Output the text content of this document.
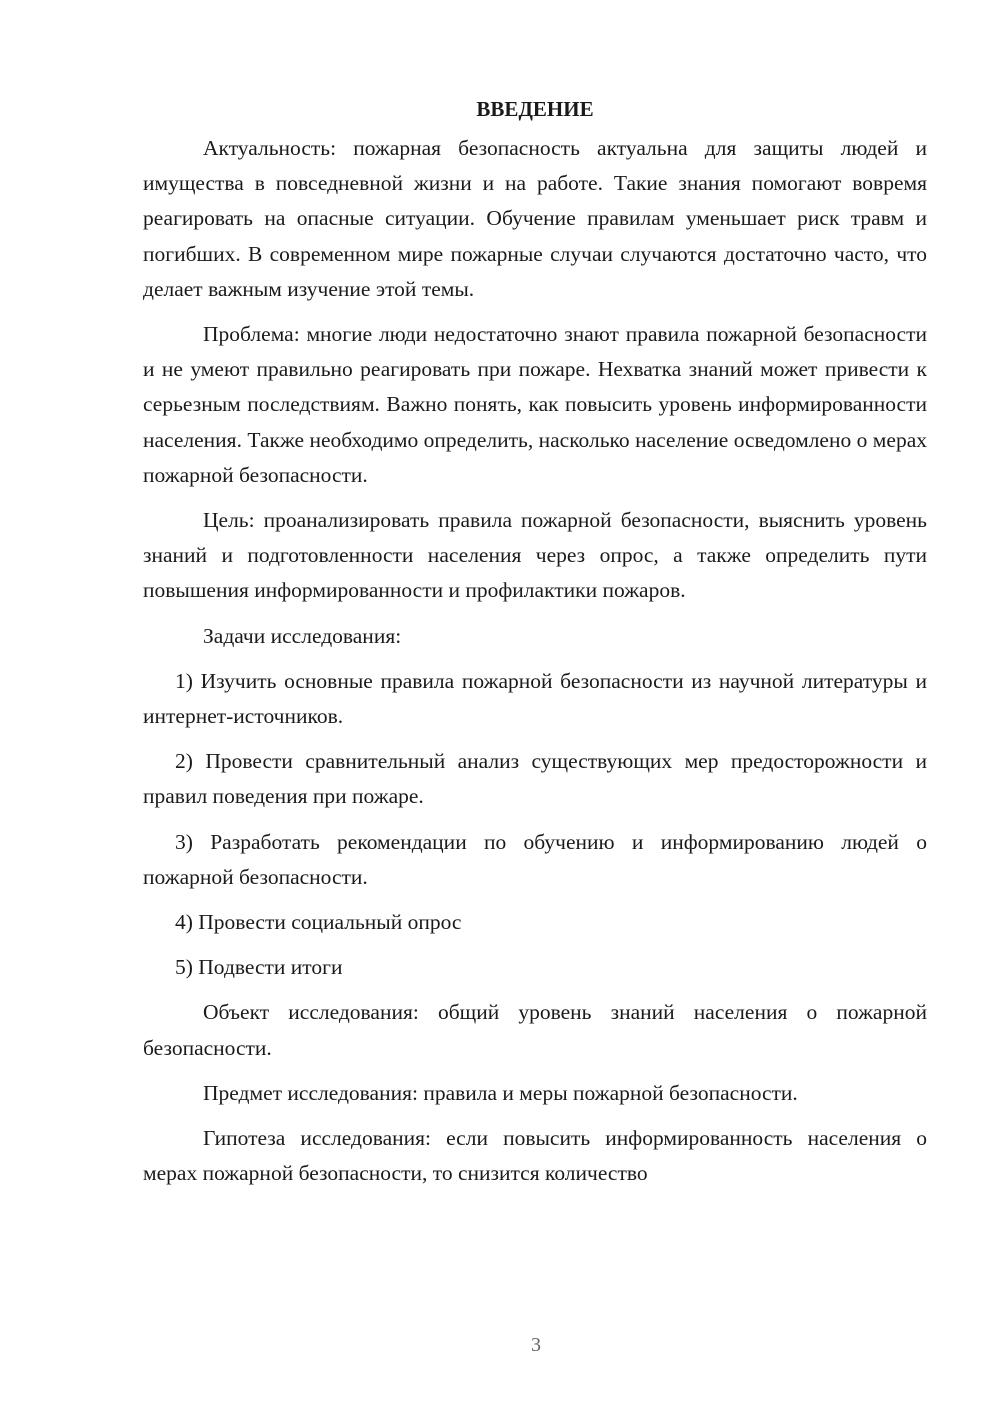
ВВЕДЕНИЕ

Актуальность: пожарная безопасность актуальна для защиты людей и имущества в повседневной жизни и на работе. Такие знания помогают вовремя реагировать на опасные ситуации. Обучение правилам уменьшает риск травм и погибших. В современном мире пожарные случаи случаются достаточно часто, что делает важным изучение этой темы.

Проблема: многие люди недостаточно знают правила пожарной безопасности и не умеют правильно реагировать при пожаре. Нехватка знаний может привести к серьезным последствиям. Важно понять, как повысить уровень информированности населения. Также необходимо определить, насколько население осведомлено о мерах пожарной безопасности.

Цель: проанализировать правила пожарной безопасности, выяснить уровень знаний и подготовленности населения через опрос, а также определить пути повышения информированности и профилактики пожаров.

Задачи исследования:

1) Изучить основные правила пожарной безопасности из научной литературы и интернет-источников.

2) Провести сравнительный анализ существующих мер предосторожности и правил поведения при пожаре.

3) Разработать рекомендации по обучению и информированию людей о пожарной безопасности.

4) Провести социальный опрос

5) Подвести итоги

Объект исследования: общий уровень знаний населения о пожарной безопасности.

Предмет исследования: правила и меры пожарной безопасности.

Гипотеза исследования: если повысить информированность населения о мерах пожарной безопасности, то снизится количество

3
